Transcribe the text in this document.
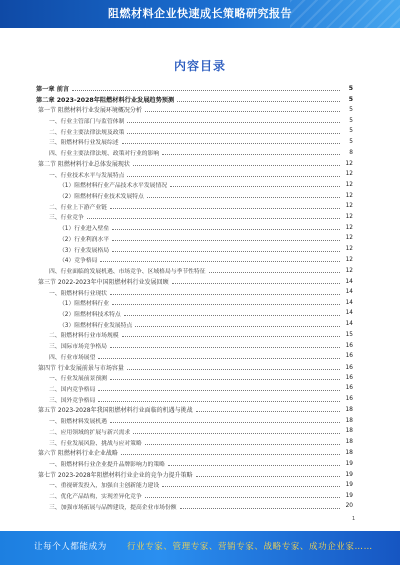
阻燃材料企业快速成长策略研究报告
内容目录
第一章 前言	5
第二章 2023-2028年阻燃材料行业发展趋势预测	5
第一节 阻燃材料行业发展环境概况分析	5
一、行业主管部门与监管体制	5
二、行业主要法律法规及政策	5
三、阻燃材料行业发展综述	5
四、行业主要法律法规、政策对行业的影响	8
第二节 阻燃材料行业总体发展现状	12
一、行业技术水平与发展特点	12
（1）阻燃材料行业产品技术水平发展情况	12
（2）阻燃材料行业技术发展特点	12
二、行业上下游产业链	12
三、行业竞争	12
（1）行业进入壁垒	12
（2）行业利润水平	12
（3）行业发展格局	12
（4）竞争格局	12
四、行业面临的发展机遇、市场竞争、区域格局与季节性特征	12
第三节 2022-2023年中国阻燃材料行业发展回顾	14
一、阻燃材料行业现状	14
（1）阻燃材料行业	14
（2）阻燃材料技术特点	14
（3）阻燃材料行业发展特点	14
二、阻燃材料行业市场规模	15
三、国际市场竞争格局	16
四、行业市场展望	16
第四节 行业发展前景与市场容量	16
一、行业发展前景预测	16
二、国内竞争格局	16
三、国外竞争格局	16
第五节 2023-2028年我国阻燃材料行业面临的机遇与挑战	18
一、阻燃材料发展机遇	18
二、应用领域的扩展与新兴需求	18
三、行业发展风险、挑战与应对策略	18
第六节 阻燃材料行业企业战略	18
一、阻燃材料行业企业提升品牌影响力的策略	19
第七节 2023-2028年阻燃材料行业企业的竞争力提升策略	19
一、重视研发投入，加强自主创新能力建设	19
二、优化产品结构，实现差异化竞争	19
三、加强市场拓展与品牌建设，提高企业市场份额	20
1
让每个人都能成为 行业专家、管理专家、营销专家、战略专家、成功企业家……
